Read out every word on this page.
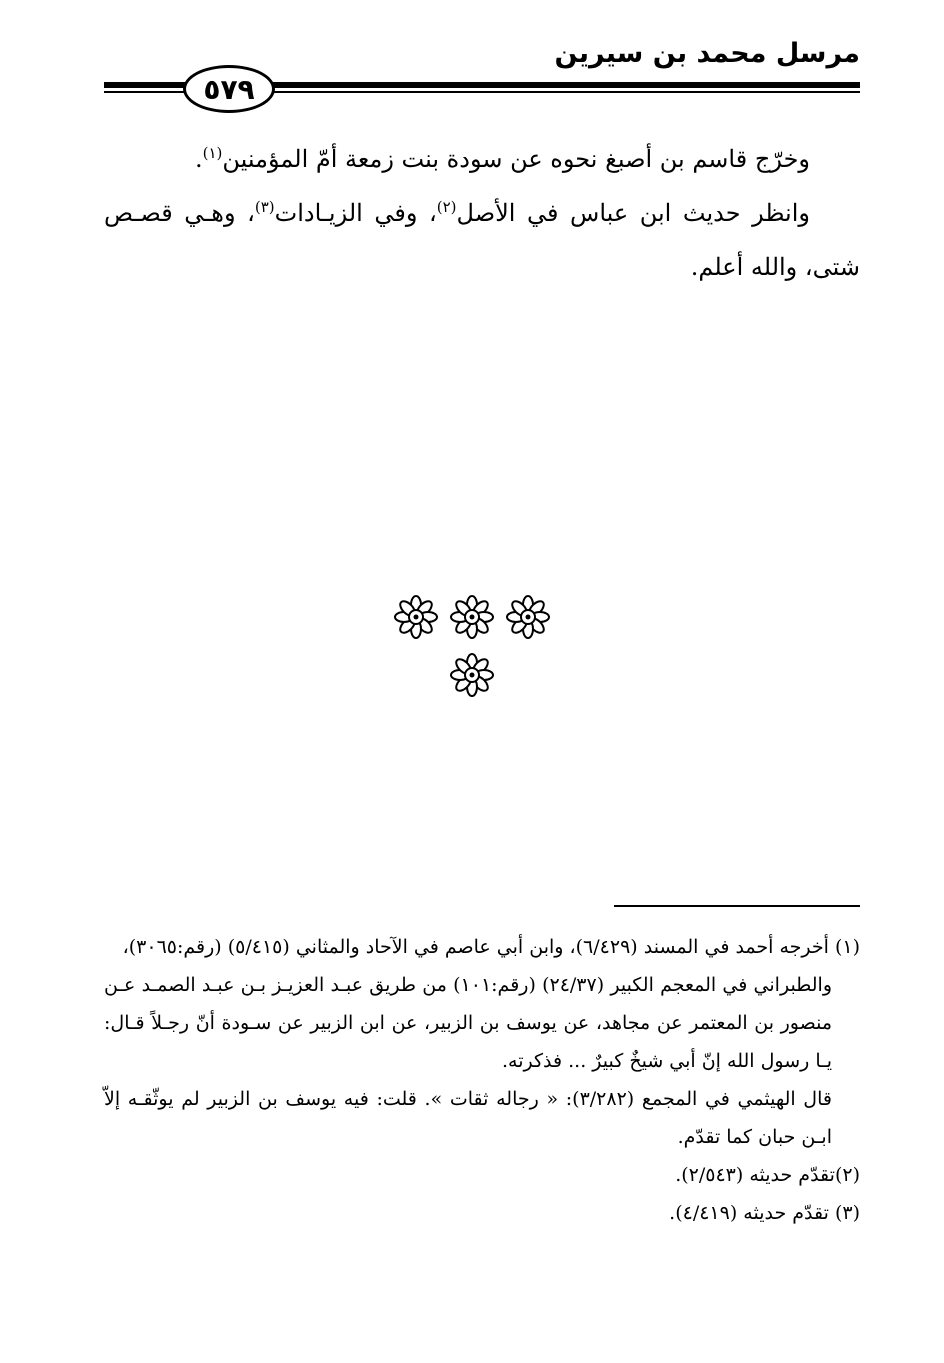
مرسل محمد بن سيرين
٥٧٩

وخرّج قاسم بن أصبغ نحوه عن سودة بنت زمعة أمّ المؤمنين$^{(١)}$.

وانظر حديث ابن عباس في الأصل$^{(٢)}$، وفي الزيـادات$^{(٣)}$، وهـي قصـص شتى، والله أعلم.

(١) أخرجه أحمد في المسند (٦/٤٢٩)، وابن أبي عاصم في الآحاد والمثاني (٥/٤١٥) (رقم:٣٠٦٥)،

والطبراني في المعجم الكبير (٢٤/٣٧) (رقم:١٠١) من طريق عبـد العزيـز بـن عبـد الصمـد عـن منصور بن المعتمر عن مجاهد، عن يوسف بن الزبير، عن ابن الزبير عن سـودة أنّ رجـلاً قـال: يـا رسول الله إنّ أبي شيخٌ كبيرٌ ... فذكرته.

قال الهيثمي في المجمع (٣/٢٨٢): « رجاله ثقات ». قلت: فيه يوسف بن الزبير لم يوثّقـه إلاّ ابـن حبان كما تقدّم.

(٢)تقدّم حديثه (٢/٥٤٣).

(٣) تقدّم حديثه (٤/٤١٩).
